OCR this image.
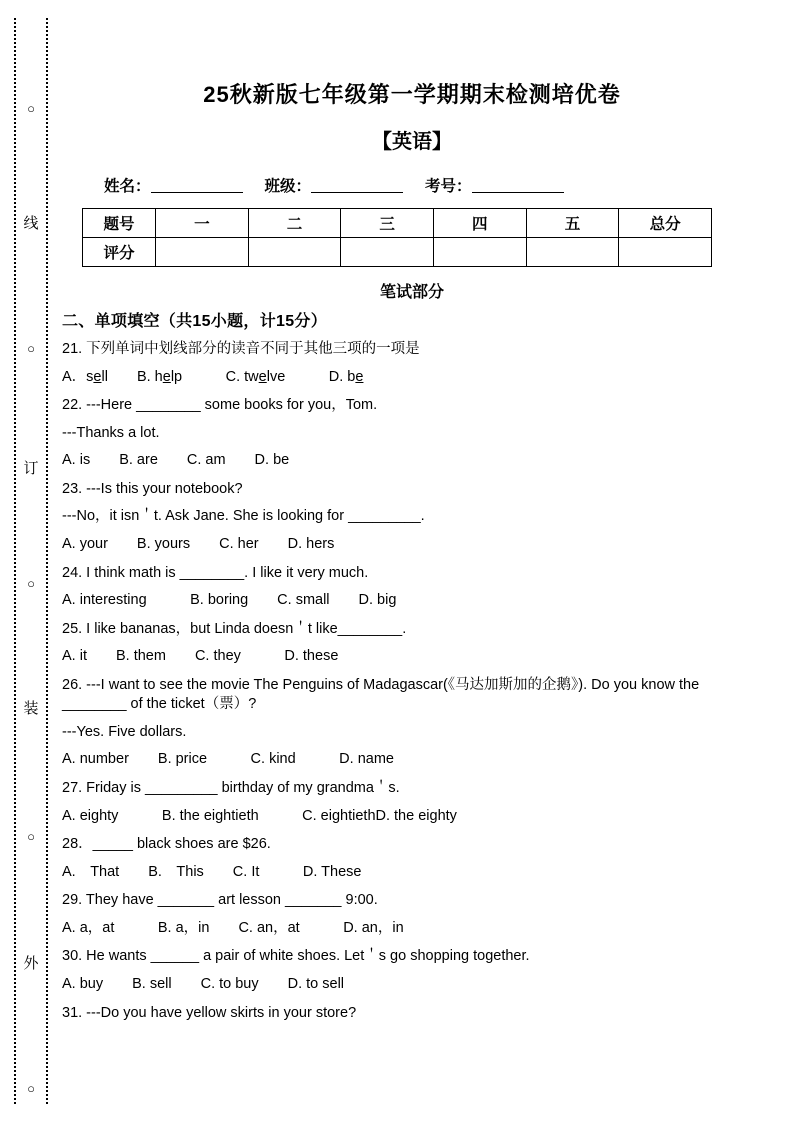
○
线
○
订
○
装
○
外
○
25秋新版七年级第一学期期末检测培优卷
【英语】
姓名：	班级：	考号：
题号	一	二	三	四	五	总分
评分						
笔试部分
二、单项填空（共15小题，计15分）
21. 下列单词中划线部分的读音不同于其他三项的一项是
A．sell　　B. help　　　C. twelve　　　D. be
22. ---Here ________ some books for you，Tom.
---Thanks a lot.
A. is　　B. are　　C. am　　D. be
23. ---Is this your notebook?
---No，it isn＇t. Ask Jane. She is looking for _________.
A. your　　B. yours　　C. her　　D. hers
24. I think math is ________. I like it very much.
A. interesting　　　B. boring　　C. small　　D. big
25. I like bananas，but Linda doesn＇t like________.
A. it　　B. them　　C. they　　　D. these
26. ---I want to see the movie The Penguins of Madagascar(《马达加斯加的企鹅》). Do you know the ________ of the ticket（票）?
---Yes. Five dollars.
A. number　　B. price　　　C. kind　　　D. name
27. Friday is _________ birthday of my grandma＇s.
A. eighty　　　B. the eightieth　　　C. eightiethD. the eighty
28．_____ black shoes are $26.
A.　That　　B.　This　　C. It　　　D. These
29. They have _______ art lesson _______ 9:00.
A. a，at　　　B. a，in　　C. an，at　　　D. an，in
30. He wants ______ a pair of white shoes. Let＇s go shopping together.
A. buy　　B. sell　　C. to buy　　D. to sell
31. ---Do you have yellow skirts in your store?
